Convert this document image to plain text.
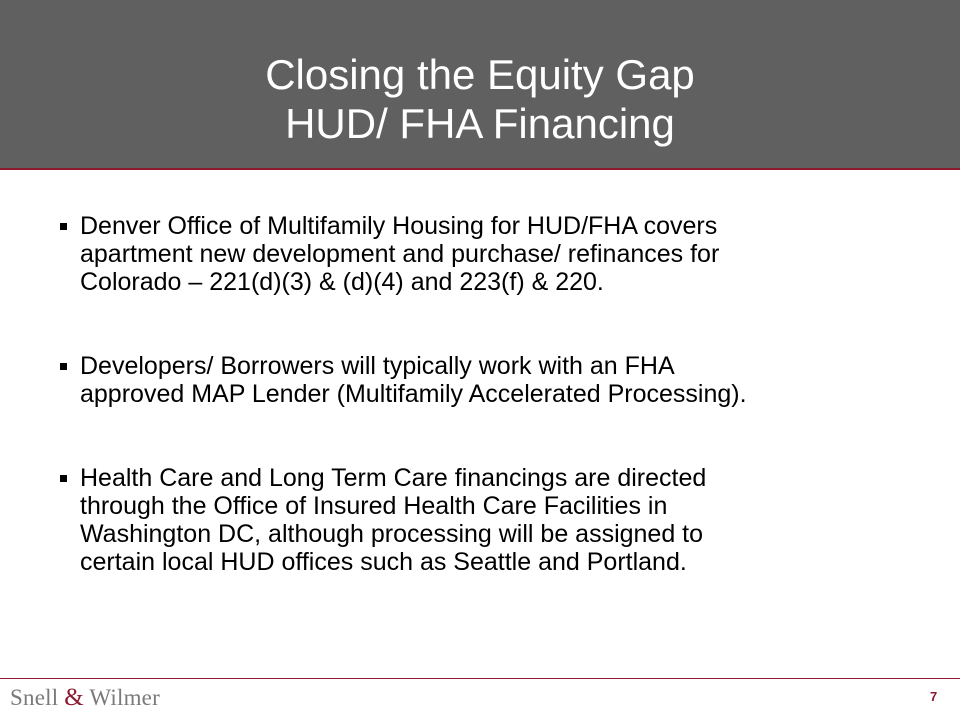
Closing the Equity Gap
HUD/ FHA Financing
Denver Office of Multifamily Housing for HUD/FHA covers
apartment new development and purchase/ refinances for
Colorado – 221(d)(3) & (d)(4) and 223(f) & 220.
Developers/ Borrowers will typically work with an FHA
approved MAP Lender (Multifamily Accelerated Processing).
Health Care and Long Term Care financings are directed
through the Office of Insured Health Care Facilities in
Washington DC, although processing will be assigned to
certain local HUD offices such as Seattle and Portland.
Snell & Wilmer	7
